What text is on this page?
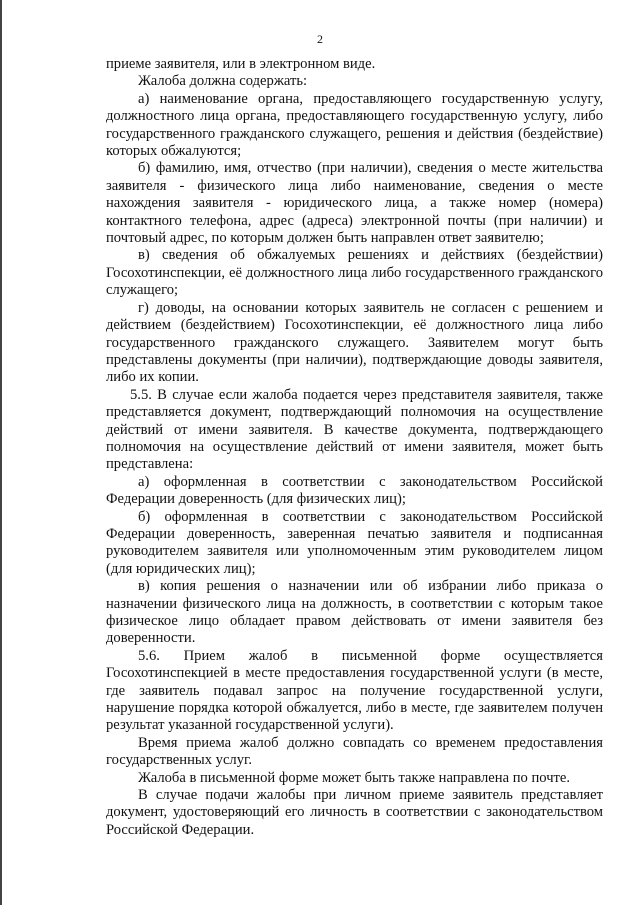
2

приеме заявителя, или в электронном виде.

Жалоба должна содержать:

а) наименование органа, предоставляющего государственную услугу, должностного лица органа, предоставляющего государственную услугу, либо государственного гражданского служащего, решения и действия (бездействие) которых обжалуются;

б) фамилию, имя, отчество (при наличии), сведения о месте жительства заявителя - физического лица либо наименование, сведения о месте нахождения заявителя - юридического лица, а также номер (номера) контактного телефона, адрес (адреса) электронной почты (при наличии) и почтовый адрес, по которым должен быть направлен ответ заявителю;

в) сведения об обжалуемых решениях и действиях (бездействии) Госохотинспекции, её должностного лица либо государственного гражданского служащего;

г) доводы, на основании которых заявитель не согласен с решением и действием (бездействием) Госохотинспекции, её должностного лица либо государственного гражданского служащего. Заявителем могут быть представлены документы (при наличии), подтверждающие доводы заявителя, либо их копии.

5.5. В случае если жалоба подается через представителя заявителя, также представляется документ, подтверждающий полномочия на осуществление действий от имени заявителя. В качестве документа, подтверждающего полномочия на осуществление действий от имени заявителя, может быть представлена:

а) оформленная в соответствии с законодательством Российской Федерации доверенность (для физических лиц);

б) оформленная в соответствии с законодательством Российской Федерации доверенность, заверенная печатью заявителя и подписанная руководителем заявителя или уполномоченным этим руководителем лицом (для юридических лиц);

в) копия решения о назначении или об избрании либо приказа о назначении физического лица на должность, в соответствии с которым такое физическое лицо обладает правом действовать от имени заявителя без доверенности.

5.6. Прием жалоб в письменной форме осуществляется Госохотинспекцией в месте предоставления государственной услуги (в месте, где заявитель подавал запрос на получение государственной услуги, нарушение порядка которой обжалуется, либо в месте, где заявителем получен результат указанной государственной услуги).

Время приема жалоб должно совпадать со временем предоставления государственных услуг.

Жалоба в письменной форме может быть также направлена по почте.

В случае подачи жалобы при личном приеме заявитель представляет документ, удостоверяющий его личность в соответствии с законодательством Российской Федерации.
